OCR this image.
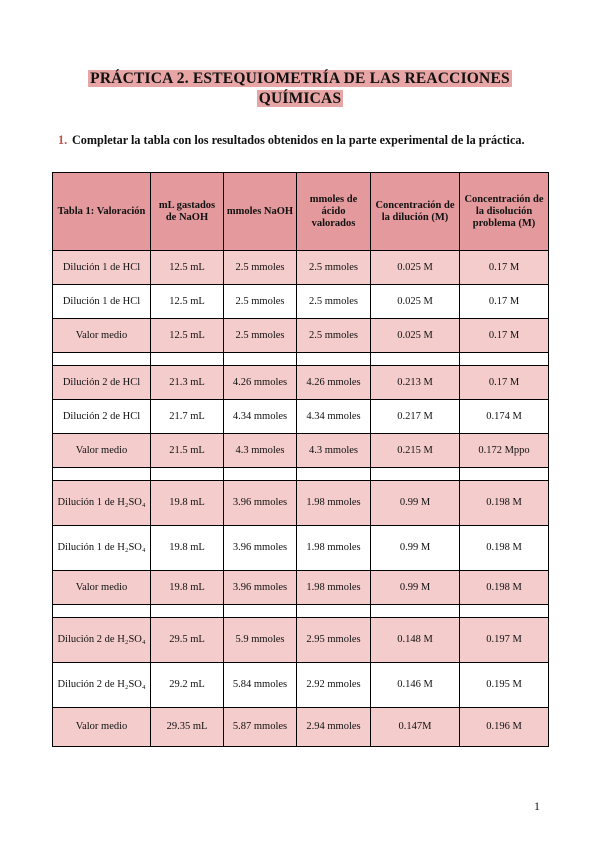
PRÁCTICA 2. ESTEQUIOMETRÍA DE LAS REACCIONES QUÍMICAS
1. Completar la tabla con los resultados obtenidos en la parte experimental de la práctica.
Tabla 1: Valoración	mL gastados de NaOH	mmoles NaOH	mmoles de ácido valorados	Concentración de la dilución (M)	Concentración de la disolución problema (M)
Dilución 1 de HCl	12.5 mL	2.5 mmoles	2.5 mmoles	0.025 M	0.17 M
Dilución 1 de HCl	12.5 mL	2.5 mmoles	2.5 mmoles	0.025 M	0.17 M
Valor medio	12.5 mL	2.5 mmoles	2.5 mmoles	0.025 M	0.17 M

Dilución 2 de HCl	21.3 mL	4.26 mmoles	4.26 mmoles	0.213 M	0.17 M
Dilución 2 de HCl	21.7 mL	4.34 mmoles	4.34 mmoles	0.217 M	0.174 M
Valor medio	21.5 mL	4.3 mmoles	4.3 mmoles	0.215 M	0.172 Mppo

Dilución 1 de H₂SO₄	19.8 mL	3.96 mmoles	1.98 mmoles	0.99 M	0.198 M
Dilución 1 de H₂SO₄	19.8 mL	3.96 mmoles	1.98 mmoles	0.99 M	0.198 M
Valor medio	19.8 mL	3.96 mmoles	1.98 mmoles	0.99 M	0.198 M

Dilución 2 de H₂SO₄	29.5 mL	5.9 mmoles	2.95 mmoles	0.148 M	0.197 M
Dilución 2 de H₂SO₄	29.2 mL	5.84 mmoles	2.92 mmoles	0.146 M	0.195 M
Valor medio	29.35 mL	5.87 mmoles	2.94 mmoles	0.147M	0.196 M
1
